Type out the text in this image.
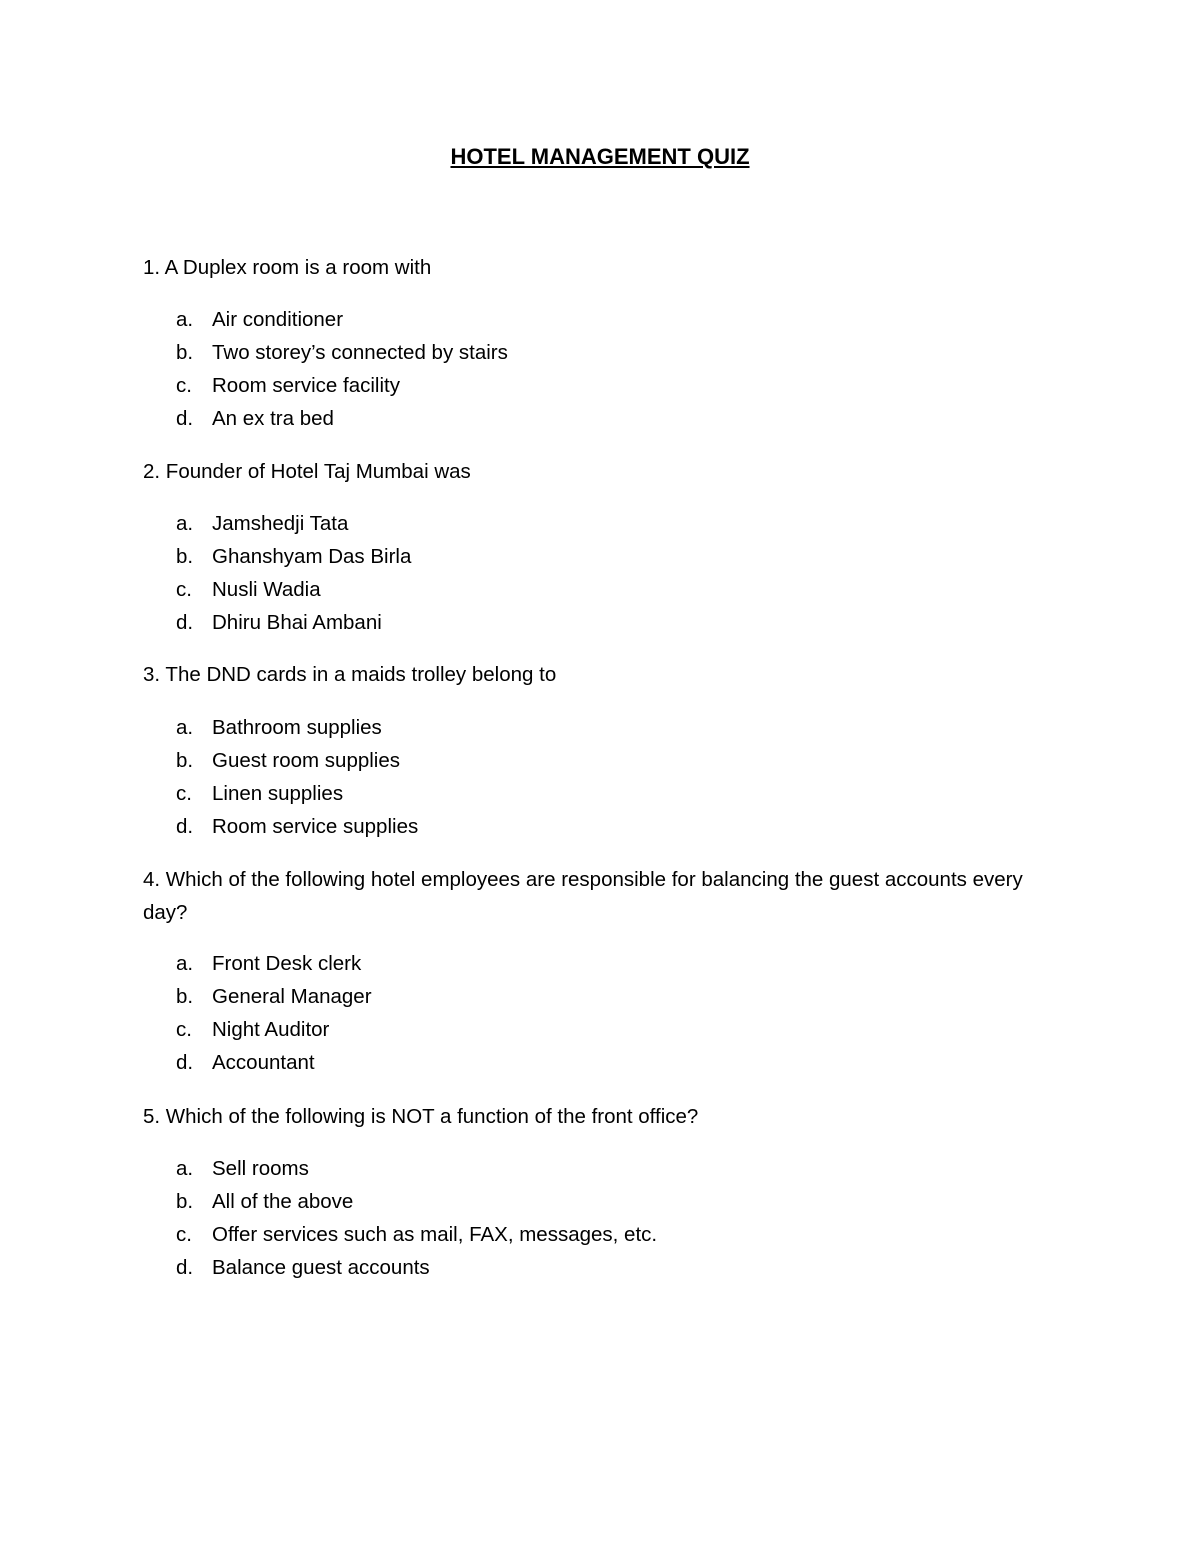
HOTEL MANAGEMENT QUIZ
1. A Duplex room is a room with
a. Air conditioner
b. Two storey’s connected by stairs
c. Room service facility
d. An ex tra bed
2. Founder of Hotel Taj Mumbai was
a. Jamshedji Tata
b. Ghanshyam Das Birla
c. Nusli Wadia
d. Dhiru Bhai Ambani
3. The DND cards in a maids trolley belong to
a. Bathroom supplies
b. Guest room supplies
c. Linen supplies
d. Room service supplies
4. Which of the following hotel employees are responsible for balancing the guest accounts every day?
a. Front Desk clerk
b. General Manager
c. Night Auditor
d. Accountant
5. Which of the following is NOT a function of the front office?
a. Sell rooms
b. All of the above
c. Offer services such as mail, FAX, messages, etc.
d. Balance guest accounts
